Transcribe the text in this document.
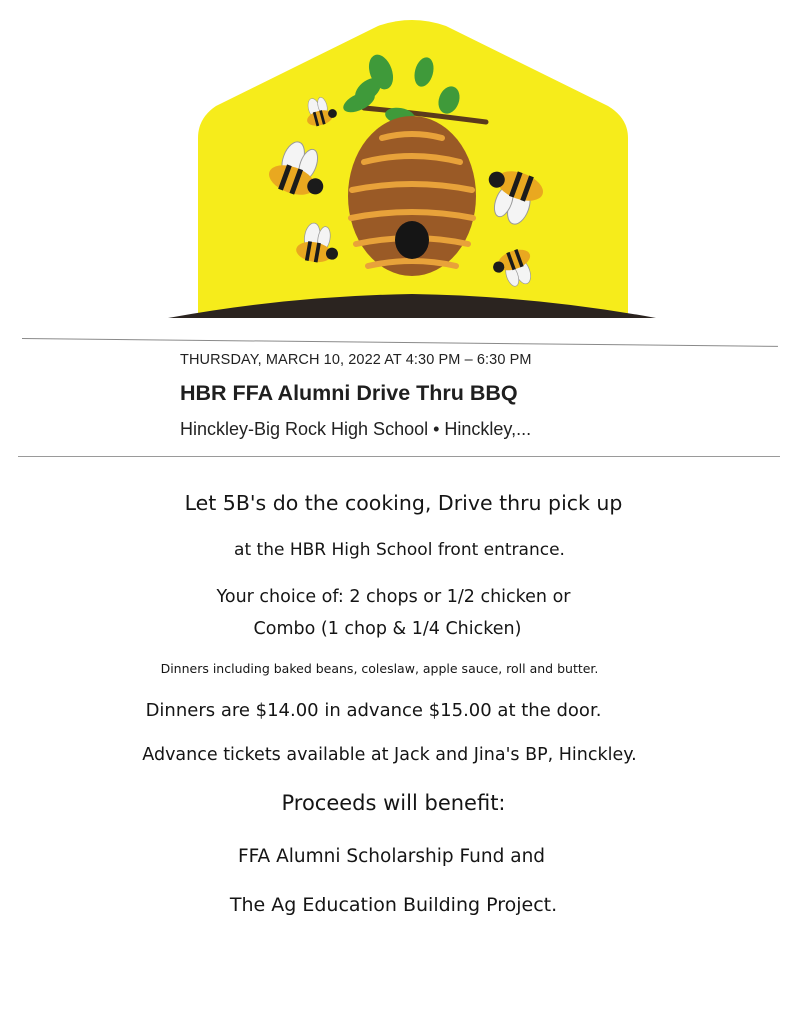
THURSDAY, MARCH 10, 2022 AT 4:30 PM – 6:30 PM
HBR FFA Alumni Drive Thru BBQ
Hinckley-Big Rock High School • Hinckley,...
Let 5B's do the cooking, Drive thru pick up
at the HBR High School front entrance.
Your choice of: 2 chops or 1/2 chicken or
Combo (1 chop & 1/4 Chicken)
Dinners including baked beans, coleslaw, apple sauce, roll and butter.
Dinners are $14.00 in advance $15.00 at the door.
Advance tickets available at Jack and Jina's BP, Hinckley.
Proceeds will benefit:
FFA Alumni Scholarship Fund and
The Ag Education Building Project.
